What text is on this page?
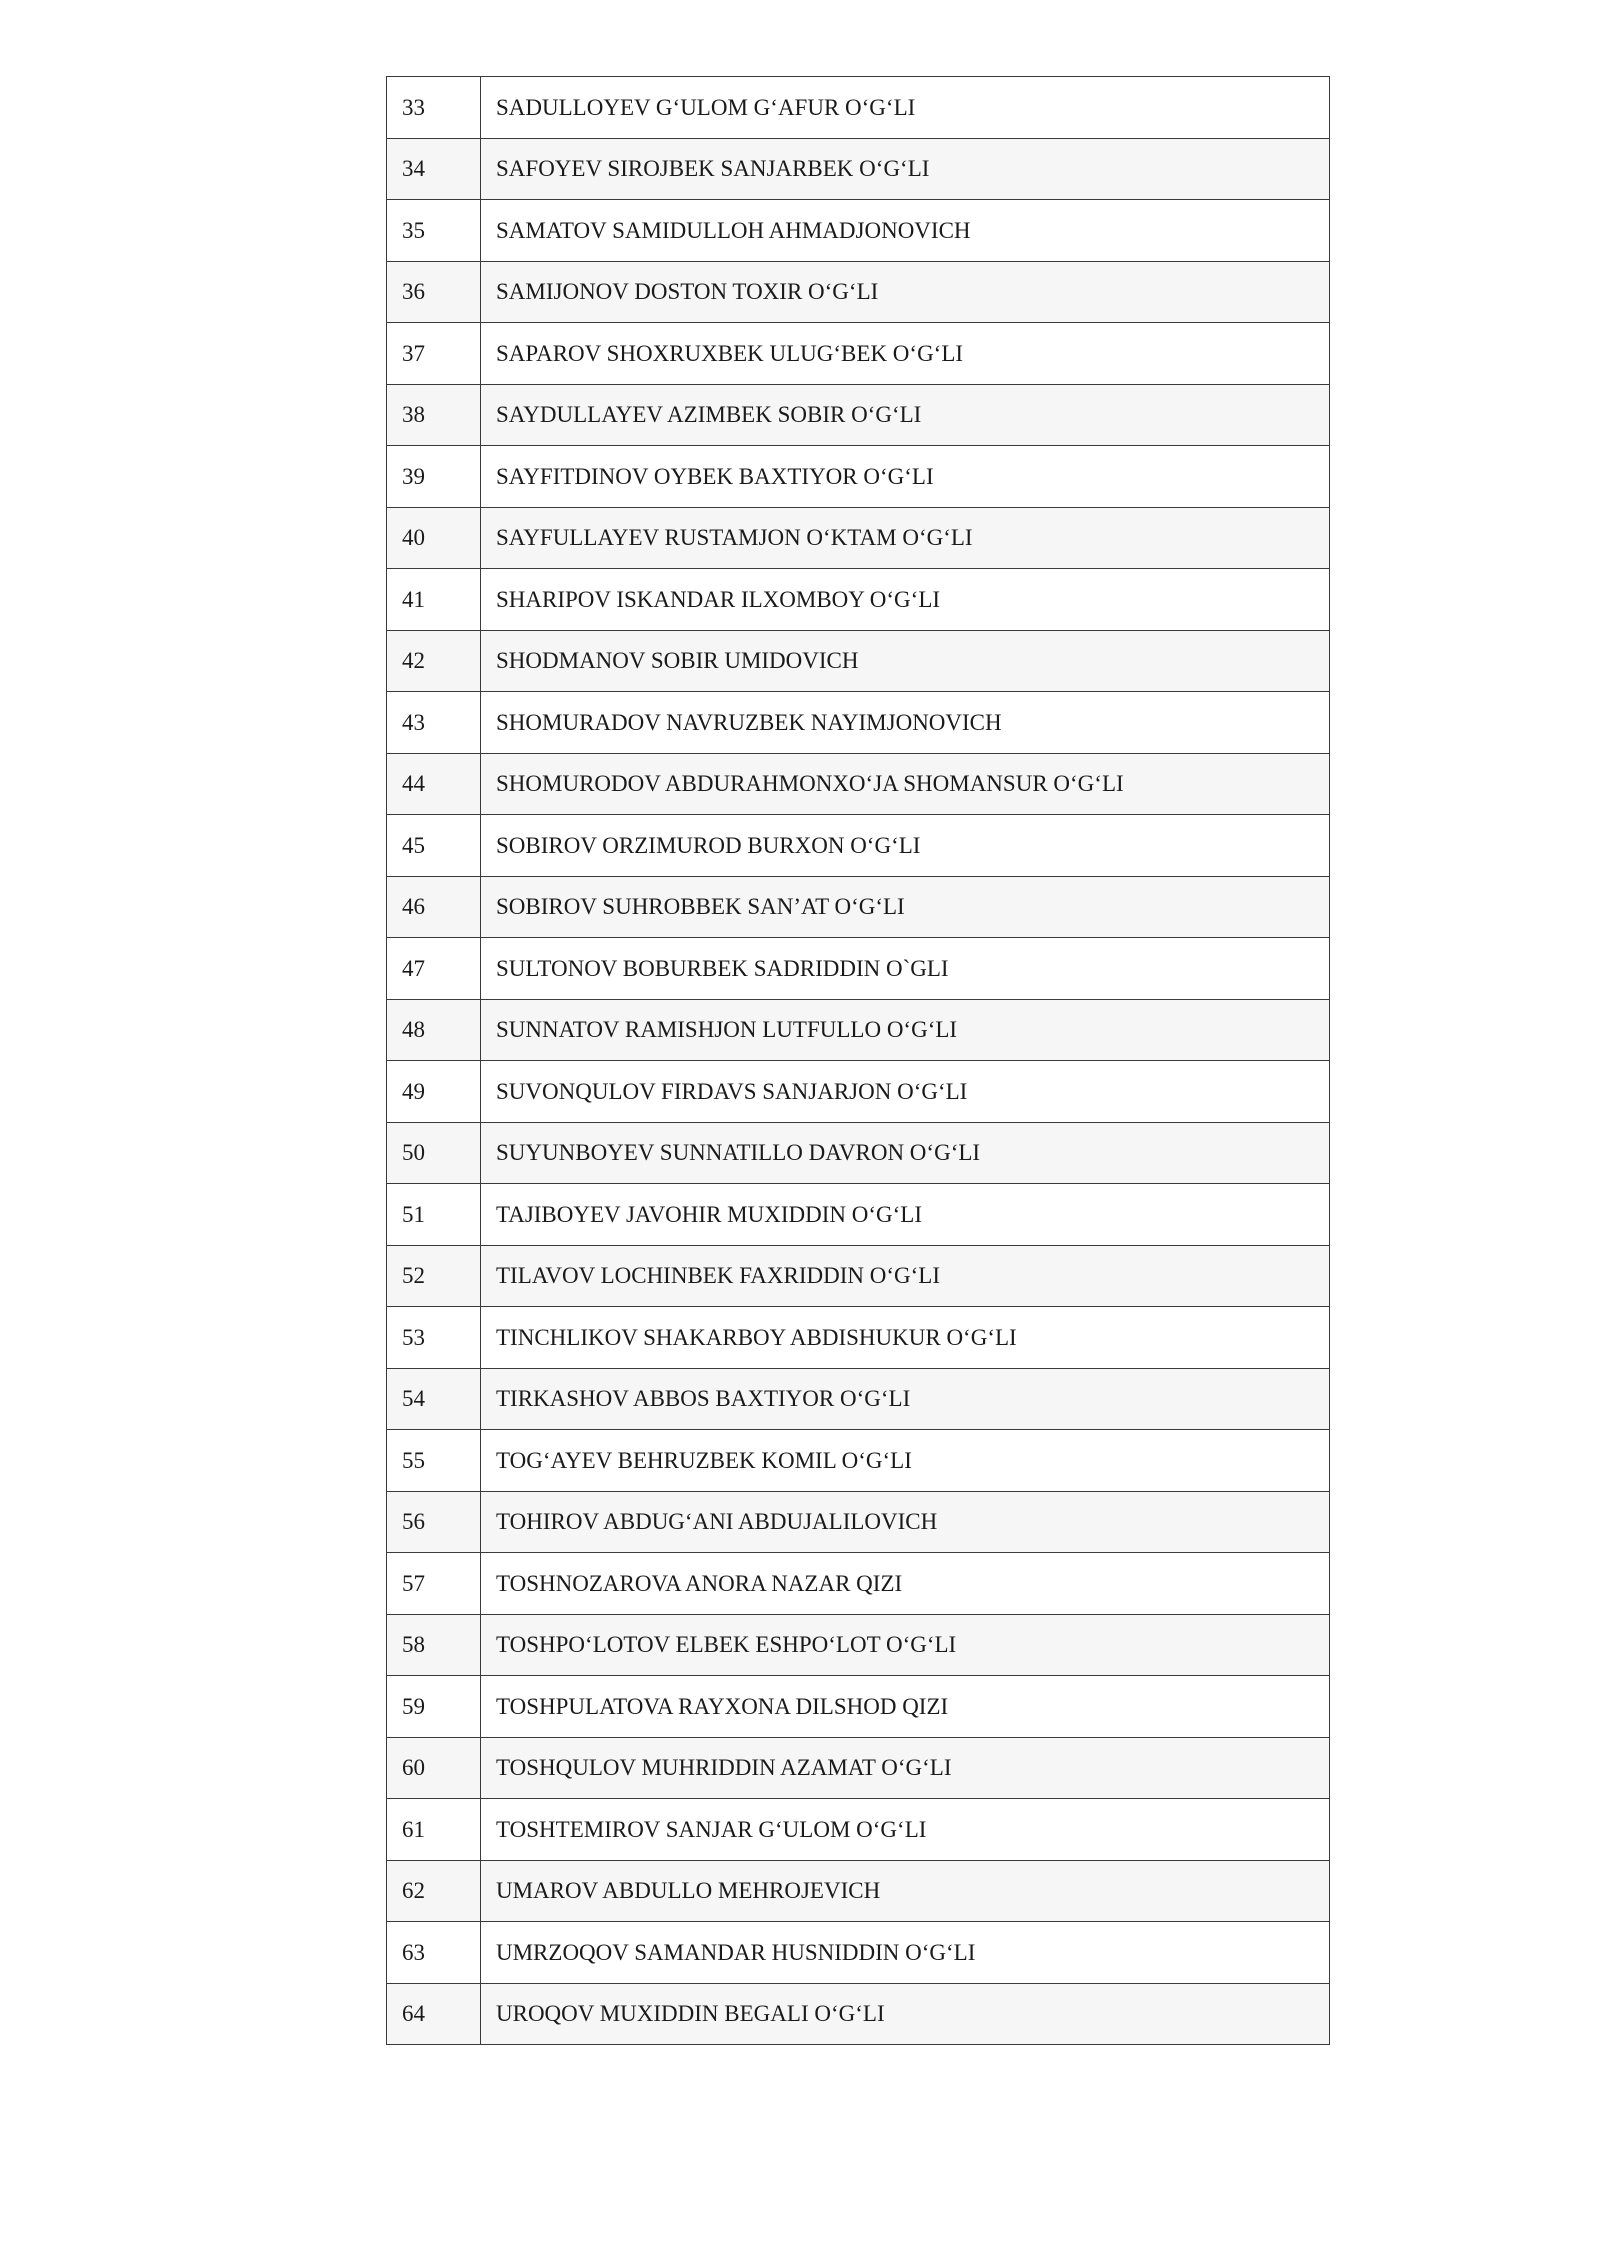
33	SADULLOYEV G‘ULOM G‘AFUR O‘G‘LI
34	SAFOYEV SIROJBEK SANJARBEK O‘G‘LI
35	SAMATOV SAMIDULLOH AHMADJONOVICH
36	SAMIJONOV DOSTON TOXIR O‘G‘LI
37	SAPAROV SHOXRUXBEK ULUG‘BEK O‘G‘LI
38	SAYDULLAYEV AZIMBEK SOBIR O‘G‘LI
39	SAYFITDINOV OYBEK BAXTIYOR O‘G‘LI
40	SAYFULLAYEV RUSTAMJON O‘KTAM O‘G‘LI
41	SHARIPOV ISKANDAR ILXOMBOY O‘G‘LI
42	SHODMANOV SOBIR UMIDOVICH
43	SHOMURADOV NAVRUZBEK NAYIMJONOVICH
44	SHOMURODOV ABDURAHMONXO‘JA SHOMANSUR O‘G‘LI
45	SOBIROV ORZIMUROD BURXON O‘G‘LI
46	SOBIROV SUHROBBEK SAN’AT O‘G‘LI
47	SULTONOV BOBURBEK SADRIDDIN O`GLI
48	SUNNATOV RAMISHJON LUTFULLO O‘G‘LI
49	SUVONQULOV FIRDAVS SANJARJON O‘G‘LI
50	SUYUNBOYEV SUNNATILLO DAVRON O‘G‘LI
51	TAJIBOYEV JAVOHIR MUXIDDIN O‘G‘LI
52	TILAVOV LOCHINBEK FAXRIDDIN O‘G‘LI
53	TINCHLIKOV SHAKARBOY ABDISHUKUR O‘G‘LI
54	TIRKASHOV ABBOS BAXTIYOR O‘G‘LI
55	TOG‘AYEV BEHRUZBEK KOMIL O‘G‘LI
56	TOHIROV ABDUG‘ANI ABDUJALILOVICH
57	TOSHNOZAROVA ANORA NAZAR QIZI
58	TOSHPO‘LOTOV ELBEK ESHPO‘LOT O‘G‘LI
59	TOSHPULATOVA RAYXONA DILSHOD QIZI
60	TOSHQULOV MUHRIDDIN AZAMAT O‘G‘LI
61	TOSHTEMIROV SANJAR G‘ULOM O‘G‘LI
62	UMAROV ABDULLO MEHROJEVICH
63	UMRZOQOV SAMANDAR HUSNIDDIN O‘G‘LI
64	UROQOV MUXIDDIN BEGALI O‘G‘LI
